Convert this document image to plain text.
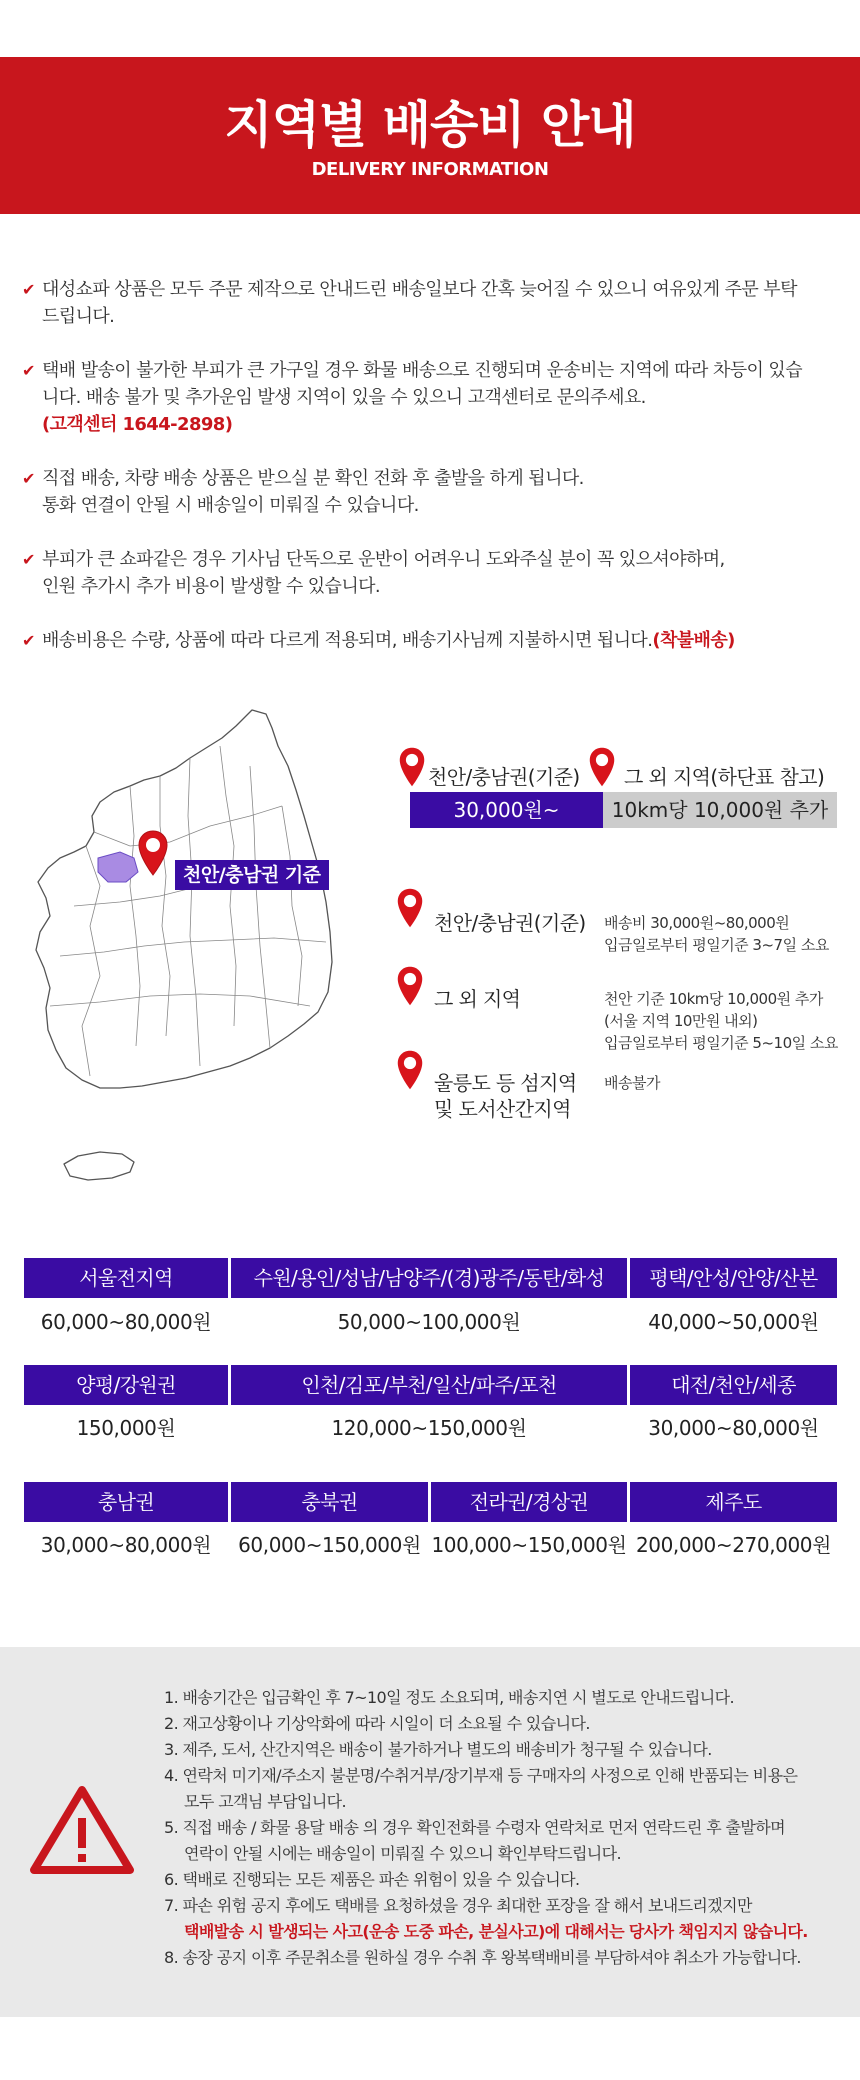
지역별 배송비 안내
DELIVERY INFORMATION
✔ 대성쇼파 상품은 모두 주문 제작으로 안내드린 배송일보다 간혹 늦어질 수 있으니 여유있게 주문 부탁
드립니다.
✔ 택배 발송이 불가한 부피가 큰 가구일 경우 화물 배송으로 진행되며 운송비는 지역에 따라 차등이 있습
니다. 배송 불가 및 추가운임 발생 지역이 있을 수 있으니 고객센터로 문의주세요.
(고객센터 1644-2898)
✔ 직접 배송, 차량 배송 상품은 받으실 분 확인 전화 후 출발을 하게 됩니다.
통화 연결이 안될 시 배송일이 미뤄질 수 있습니다.
✔ 부피가 큰 쇼파같은 경우 기사님 단독으로 운반이 어려우니 도와주실 분이 꼭 있으셔야하며,
인원 추가시 추가 비용이 발생할 수 있습니다.
✔ 배송비용은 수량, 상품에 따라 다르게 적용되며, 배송기사님께 지불하시면 됩니다.(착불배송)
천안/충남권 기준
천안/충남권(기준) 그 외 지역(하단표 참고)
30,000원~	10km당 10,000원 추가
천안/충남권(기준) 배송비 30,000원~80,000원
입금일로부터 평일기준 3~7일 소요
그 외 지역	천안 기준 10km당 10,000원 추가
(서울 지역 10만원 내외)
입금일로부터 평일기준 5~10일 소요
울릉도 등 섬지역
및 도서산간지역
배송불가
서울전지역	수원/용인/성남/남양주/(경)광주/동탄/화성	평택/안성/안양/산본
60,000~80,000원	50,000~100,000원	40,000~50,000원
양평/강원권	인천/김포/부천/일산/파주/포천	대전/천안/세종
150,000원	120,000~150,000원	30,000~80,000원
충남권	충북권	전라권/경상권	제주도
30,000~80,000원	60,000~150,000원 100,000~150,000원 200,000~270,000원
1. 배송기간은 입금확인 후 7~10일 정도 소요되며, 배송지연 시 별도로 안내드립니다.
2. 재고상황이나 기상악화에 따라 시일이 더 소요될 수 있습니다.
3. 제주, 도서, 산간지역은 배송이 불가하거나 별도의 배송비가 청구될 수 있습니다.
4. 연락처 미기재/주소지 불분명/수취거부/장기부재 등 구매자의 사정으로 인해 반품되는 비용은
모두 고객님 부담입니다.
5. 직접 배송 / 화물 용달 배송 의 경우 확인전화를 수령자 연락처로 먼저 연락드린 후 출발하며
연락이 안될 시에는 배송일이 미뤄질 수 있으니 확인부탁드립니다.
6. 택배로 진행되는 모든 제품은 파손 위험이 있을 수 있습니다.
7. 파손 위험 공지 후에도 택배를 요청하셨을 경우 최대한 포장을 잘 해서 보내드리겠지만
택배발송 시 발생되는 사고(운송 도중 파손, 분실사고)에 대해서는 당사가 책임지지 않습니다.
8. 송장 공지 이후 주문취소를 원하실 경우 수취 후 왕복택배비를 부담하셔야 취소가 가능합니다.
